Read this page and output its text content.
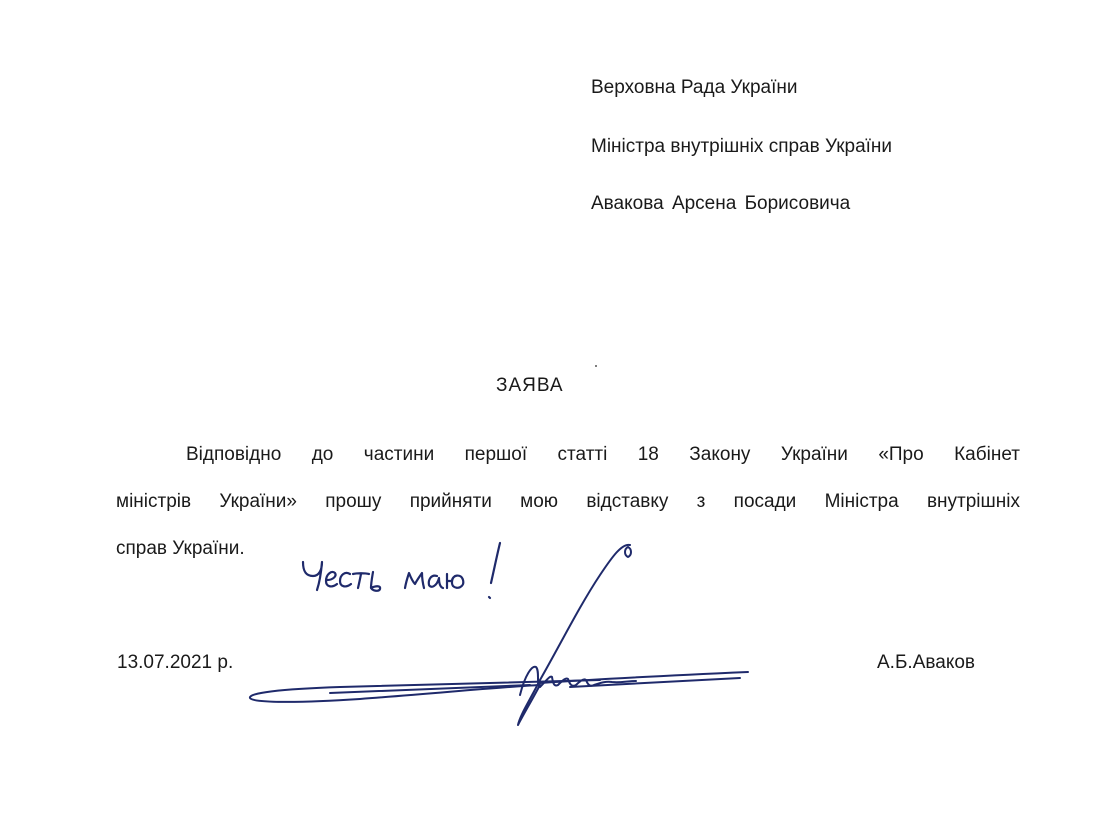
Верховна Рада України
Міністра внутрішніх справ України
Авакова Арсена Борисовича
ЗАЯВА
Відповідно до частини першої статті 18 Закону України «Про Кабінет
міністрів України» прошу прийняти мою відставку з посади Міністра внутрішніх
справ України.
13.07.2021 р.	А.Б.Аваков
